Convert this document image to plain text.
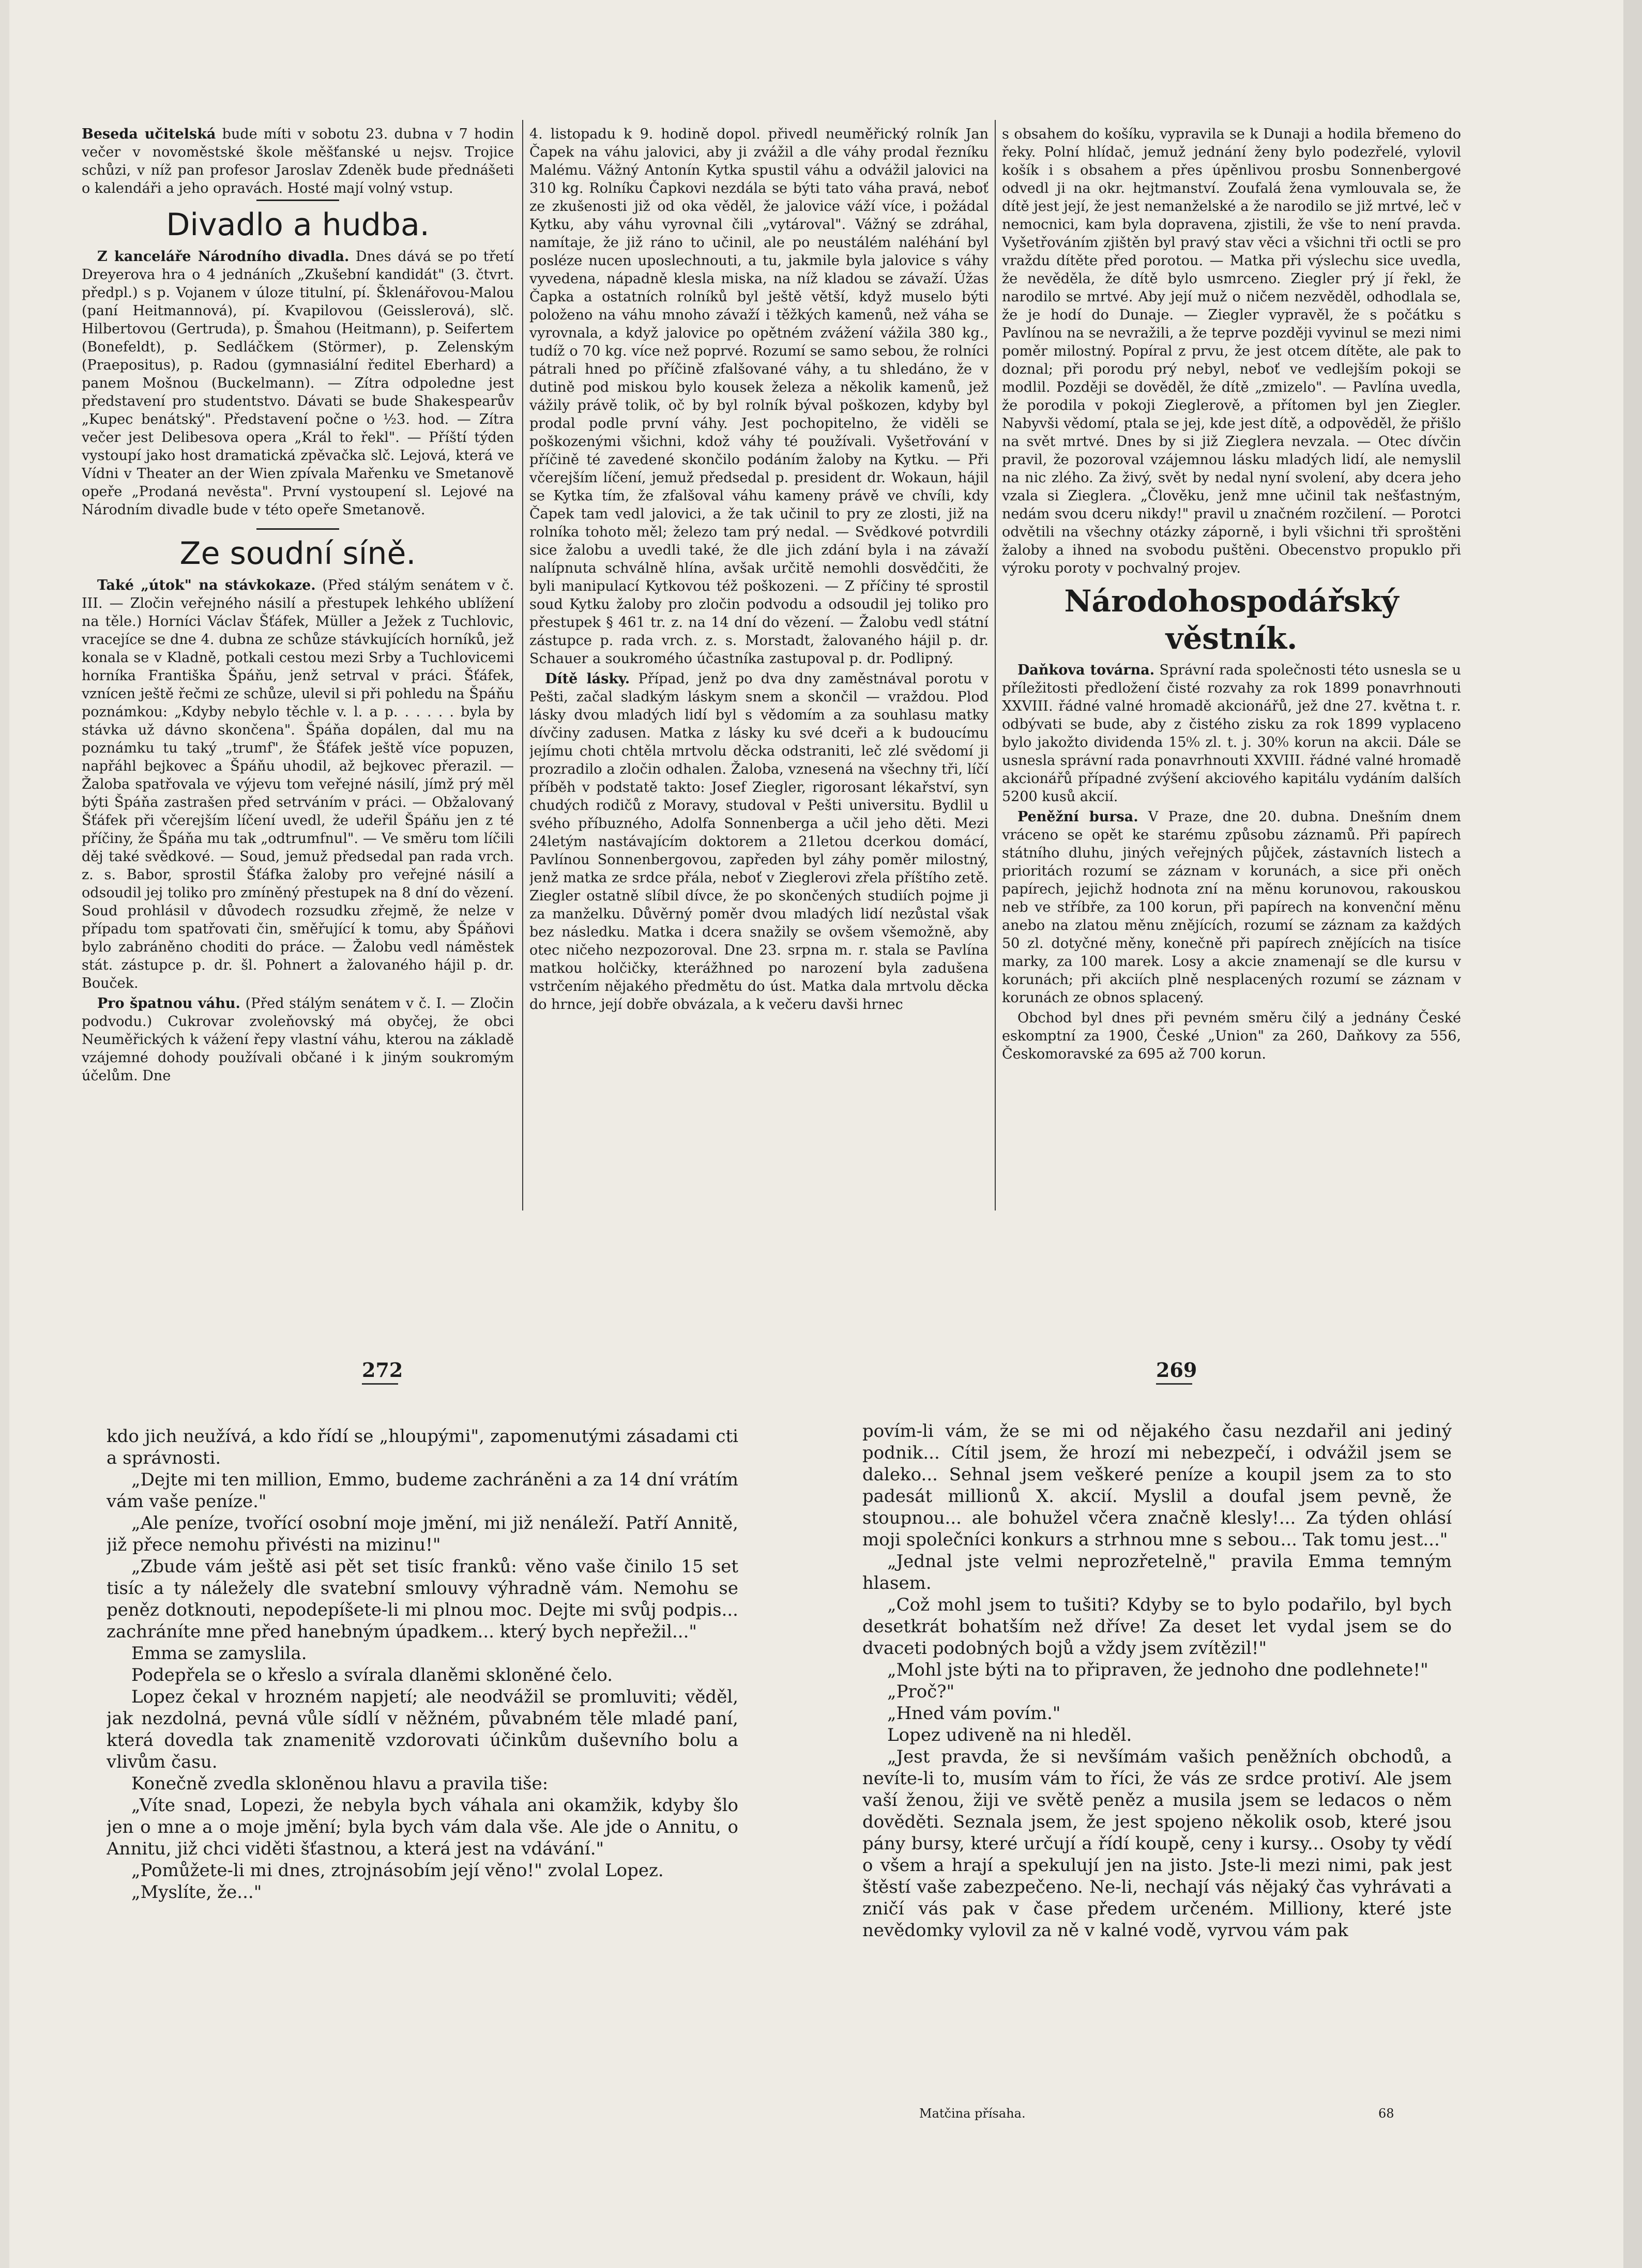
Beseda učitelská bude míti v sobotu 23. dubna v 7 hodin večer v novoměstské škole měšťanské u nejsv. Trojice schůzi, v níž pan profesor Jaroslav Zdeněk bude přednášeti o kalendáři a jeho opravách. Hosté mají volný vstup.

Divadlo a hudba.

Z kanceláře Národního divadla. Dnes dává se po třetí Dreyerova hra o 4 jednáních „Zkušební kandidát" (3. čtvrt. předpl.) s p. Vojanem v úloze titulní, pí. Šklenářovou-Malou (paní Heitmannová), pí. Kvapilovou (Geisslerová), slč. Hilbertovou (Gertruda), p. Šmahou (Heitmann), p. Seifertem (Bonefeldt), p. Sedláčkem (Störmer), p. Zelenským (Praepositus), p. Radou (gymnasiální ředitel Eberhard) a panem Mošnou (Buckelmann). — Zítra odpoledne jest představení pro studentstvo. Dávati se bude Shakespearův „Kupec benátský". Představení počne o ½3. hod. — Zítra večer jest Delibesova opera „Král to řekl". — Příští týden vystoupí jako host dramatická zpěvačka slč. Lejová, která ve Vídni v Theater an der Wien zpívala Mařenku ve Smetanově opeře „Prodaná nevěsta". První vystoupení sl. Lejové na Národním divadle bude v této opeře Smetanově.

Ze soudní síně.

Také „útok" na stávkokaze. (Před stálým senátem v č. III. — Zločin veřejného násilí a přestupek lehkého ublížení na těle.) Horníci Václav Šťáfek, Müller a Ježek z Tuchlovic, vracejíce se dne 4. dubna ze schůze stávkujících horníků, jež konala se v Kladně, potkali cestou mezi Srby a Tuchlovicemi horníka Františka Špáňu, jenž setrval v práci. Šťáfek, vznícen ještě řečmi ze schůze, ulevil si při pohledu na Špáňu poznámkou: „Kdyby nebylo těchle v. l. a p. . . . . . byla by stávka už dávno skončena". Špáňa dopálen, dal mu na poznámku tu taký „trumf", že Šťáfek ještě více popuzen, napřáhl bejkovec a Špáňu uhodil, až bejkovec přerazil. — Žaloba spatřovala ve výjevu tom veřejné násilí, jímž prý měl býti Špáňa zastrašen před setrváním v práci. — Obžalovaný Šťáfek při včerejším líčení uvedl, že udeřil Špáňu jen z té příčiny, že Špáňa mu tak „odtrumfnul". — Ve směru tom líčili děj také svědkové. — Soud, jemuž předsedal pan rada vrch. z. s. Babor, sprostil Šťáfka žaloby pro veřejné násilí a odsoudil jej toliko pro zmíněný přestupek na 8 dní do vězení. Soud prohlásil v důvodech rozsudku zřejmě, že nelze v případu tom spatřovati čin, směřující k tomu, aby Špáňovi bylo zabráněno choditi do práce. — Žalobu vedl náměstek stát. zástupce p. dr. šl. Pohnert a žalovaného hájil p. dr. Bouček.

Pro špatnou váhu. (Před stálým senátem v č. I. — Zločin podvodu.) Cukrovar zvoleňovský má obyčej, že obci Neuměřických k vážení řepy vlastní váhu, kterou na základě vzájemné dohody používali občané i k jiným soukromým účelům. Dne

4. listopadu k 9. hodině dopol. přivedl neuměřický rolník Jan Čapek na váhu jalovici, aby ji zvážil a dle váhy prodal řezníku Malému. Vážný Antonín Kytka spustil váhu a odvážil jalovici na 310 kg. Rolníku Čapkovi nezdála se býti tato váha pravá, neboť ze zkušenosti již od oka věděl, že jalovice váží více, i požádal Kytku, aby váhu vyrovnal čili „vytároval". Vážný se zdráhal, namítaje, že již ráno to učinil, ale po neustálém naléhání byl posléze nucen uposlechnouti, a tu, jakmile byla jalovice s váhy vyvedena, nápadně klesla miska, na níž kladou se závaží. Úžas Čapka a ostatních rolníků byl ještě větší, když muselo býti položeno na váhu mnoho závaží i těžkých kamenů, než váha se vyrovnala, a když jalovice po opětném zvážení vážila 380 kg., tudíž o 70 kg. více než poprvé. Rozumí se samo sebou, že rolníci pátrali hned po příčině zfalšované váhy, a tu shledáno, že v dutině pod miskou bylo kousek železa a několik kamenů, jež vážily právě tolik, oč by byl rolník býval poškozen, kdyby byl prodal podle první váhy. Jest pochopitelno, že viděli se poškozenými všichni, kdož váhy té používali. Vyšetřování v příčině té zavedené skončilo podáním žaloby na Kytku. — Při včerejším líčení, jemuž předsedal p. president dr. Wokaun, hájil se Kytka tím, že zfalšoval váhu kameny právě ve chvíli, kdy Čapek tam vedl jalovici, a že tak učinil to pry ze zlosti, již na rolníka tohoto měl; železo tam prý nedal. — Svědkové potvrdili sice žalobu a uvedli také, že dle jich zdání byla i na závaží nalípnuta schválně hlína, avšak určitě nemohli dosvědčiti, že byli manipulací Kytkovou též poškozeni. — Z příčiny té sprostil soud Kytku žaloby pro zločin podvodu a odsoudil jej toliko pro přestupek § 461 tr. z. na 14 dní do vězení. — Žalobu vedl státní zástupce p. rada vrch. z. s. Morstadt, žalovaného hájil p. dr. Schauer a soukromého účastníka zastupoval p. dr. Podlipný.

Dítě lásky. Případ, jenž po dva dny zaměstnával porotu v Pešti, začal sladkým láskym snem a skončil — vraždou. Plod lásky dvou mladých lidí byl s vědomím a za souhlasu matky dívčiny zadusen. Matka z lásky ku své dceři a k budoucímu jejímu choti chtěla mrtvolu děcka odstraniti, leč zlé svědomí ji prozradilo a zločin odhalen. Žaloba, vznesená na všechny tři, líčí příběh v podstatě takto: Josef Ziegler, rigorosant lékařství, syn chudých rodičů z Moravy, studoval v Pešti universitu. Bydlil u svého příbuzného, Adolfa Sonnenberga a učil jeho děti. Mezi 24letým nastávajícím doktorem a 21letou dcerkou domácí, Pavlínou Sonnenbergovou, zapředen byl záhy poměr milostný, jenž matka ze srdce přála, neboť v Zieglerovi zřela příštího zetě. Ziegler ostatně slíbil dívce, že po skončených studiích pojme ji za manželku. Důvěrný poměr dvou mladých lidí nezůstal však bez následku. Matka i dcera snažily se ovšem všemožně, aby otec ničeho nezpozoroval. Dne 23. srpna m. r. stala se Pavlína matkou holčičky, kterážhned po narození byla zadušena vstrčením nějakého předmětu do úst. Matka dala mrtvolu děcka do hrnce, její dobře obvázala, a k večeru davši hrnec

s obsahem do košíku, vypravila se k Dunaji a hodila břemeno do řeky. Polní hlídač, jemuž jednání ženy bylo podezřelé, vylovil košík i s obsahem a přes úpěnlivou prosbu Sonnenbergové odvedl ji na okr. hejtmanství. Zoufalá žena vymlouvala se, že dítě jest její, že jest nemanželské a že narodilo se již mrtvé, leč v nemocnici, kam byla dopravena, zjistili, že vše to není pravda. Vyšetřováním zjištěn byl pravý stav věci a všichni tři octli se pro vraždu dítěte před porotou. — Matka při výslechu sice uvedla, že nevěděla, že dítě bylo usmrceno. Ziegler prý jí řekl, že narodilo se mrtvé. Aby její muž o ničem nezvěděl, odhodlala se, že je hodí do Dunaje. — Ziegler vypravěl, že s počátku s Pavlínou na se nevražili, a že teprve později vyvinul se mezi nimi poměr milostný. Popíral z prvu, že jest otcem dítěte, ale pak to doznal; při porodu prý nebyl, neboť ve vedlejším pokoji se modlil. Později se dověděl, že dítě „zmizelo". — Pavlína uvedla, že porodila v pokoji Zieglerově, a přítomen byl jen Ziegler. Nabyvši vědomí, ptala se jej, kde jest dítě, a odpověděl, že přišlo na svět mrtvé. Dnes by si již Zieglera nevzala. — Otec dívčin pravil, že pozoroval vzájemnou lásku mladých lidí, ale nemyslil na nic zlého. Za živý, svět by nedal nyní svolení, aby dcera jeho vzala si Zieglera. „Člověku, jenž mne učinil tak nešťastným, nedám svou dceru nikdy!" pravil u značném rozčilení. — Porotci odvětili na všechny otázky záporně, i byli všichni tři sproštěni žaloby a ihned na svobodu puštěni. Obecenstvo propuklo při výroku poroty v pochvalný projev.

Národohospodářský věstník.

Daňkova továrna. Správní rada společnosti této usnesla se u příležitosti předložení čisté rozvahy za rok 1899 ponavrhnouti XXVIII. řádné valné hromadě akcionářů, jež dne 27. května t. r. odbývati se bude, aby z čistého zisku za rok 1899 vyplaceno bylo jakožto dividenda 15⁰⁄₀ zl. t. j. 30⁰⁄₀ korun na akcii. Dále se usnesla správní rada ponavrhnouti XXVIII. řádné valné hromadě akcionářů případné zvýšení akciového kapitálu vydáním dalších 5200 kusů akcií.

Peněžní bursa. V Praze, dne 20. dubna. Dnešním dnem vráceno se opět ke starému způsobu záznamů. Při papírech státního dluhu, jiných veřejných půjček, zástavních listech a prioritách rozumí se záznam v korunách, a sice při oněch papírech, jejichž hodnota zní na měnu korunovou, rakouskou neb ve stříbře, za 100 korun, při papírech na konvenční měnu anebo na zlatou měnu znějících, rozumí se záznam za každých 50 zl. dotyčné měny, konečně při papírech znějících na tisíce marky, za 100 marek. Losy a akcie znamenají se dle kursu v korunách; při akciích plně nesplacených rozumí se záznam v korunách ze obnos splacený.

Obchod byl dnes při pevném směru čilý a jednány České eskomptní za 1900, České „Union" za 260, Daňkovy za 556, Českomoravské za 695 až 700 korun.

272	269

kdo jich neužívá, a kdo řídí se „hloupými", zapomenutými zásadami cti a správnosti.

„Dejte mi ten million, Emmo, budeme zachráněni a za 14 dní vrátím vám vaše peníze."

„Ale peníze, tvořící osobní moje jmění, mi již nenáleží. Patří Annitě, již přece nemohu přivésti na mizinu!"

„Zbude vám ještě asi pět set tisíc franků: věno vaše činilo 15 set tisíc a ty náležely dle svatební smlouvy výhradně vám. Nemohu se peněz dotknouti, nepodepíšete-li mi plnou moc. Dejte mi svůj podpis... zachráníte mne před hanebným úpadkem... který bych nepřežil..."

Emma se zamyslila.

Podepřela se o křeslo a svírala dlaněmi skloněné čelo.

Lopez čekal v hrozném napjetí; ale neodvážil se promluviti; věděl, jak nezdolná, pevná vůle sídlí v něžném, půvabném těle mladé paní, která dovedla tak znamenitě vzdorovati účinkům duševního bolu a vlivům času.

Konečně zvedla skloněnou hlavu a pravila tiše:

„Víte snad, Lopezi, že nebyla bych váhala ani okamžik, kdyby šlo jen o mne a o moje jmění; byla bych vám dala vše. Ale jde o Annitu, o Annitu, již chci viděti šťastnou, a která jest na vdávání."

„Pomůžete-li mi dnes, ztrojnásobím její věno!" zvolal Lopez.

„Myslíte, že..."

povím-li vám, že se mi od nějakého času nezdařil ani jediný podnik... Cítil jsem, že hrozí mi nebezpečí, i odvážil jsem se daleko... Sehnal jsem veškeré peníze a koupil jsem za to sto padesát millionů X. akcií. Myslil a doufal jsem pevně, že stoupnou... ale bohužel včera značně klesly!... Za týden ohlásí moji společníci konkurs a strhnou mne s sebou... Tak tomu jest..."

„Jednal jste velmi neprozřetelně," pravila Emma temným hlasem.

„Což mohl jsem to tušiti? Kdyby se to bylo podařilo, byl bych desetkrát bohatším než dříve! Za deset let vydal jsem se do dvaceti podobných bojů a vždy jsem zvítězil!"

„Mohl jste býti na to připraven, že jednoho dne podlehnete!"

„Proč?"

„Hned vám povím."

Lopez udiveně na ni hleděl.

„Jest pravda, že si nevšímám vašich peněžních obchodů, a nevíte-li to, musím vám to říci, že vás ze srdce protiví. Ale jsem vaší ženou, žiji ve světě peněz a musila jsem se ledacos o něm dověděti. Seznala jsem, že jest spojeno několik osob, které jsou pány bursy, které určují a řídí koupě, ceny i kursy... Osoby ty vědí o všem a hrají a spekulují jen na jisto. Jste-li mezi nimi, pak jest štěstí vaše zabezpečeno. Ne-li, nechají vás nějaký čas vyhrávati a zničí vás pak v čase předem určeném. Milliony, které jste nevědomky vylovil za ně v kalné vodě, vyrvou vám pak

Matčina přísaha.	68
